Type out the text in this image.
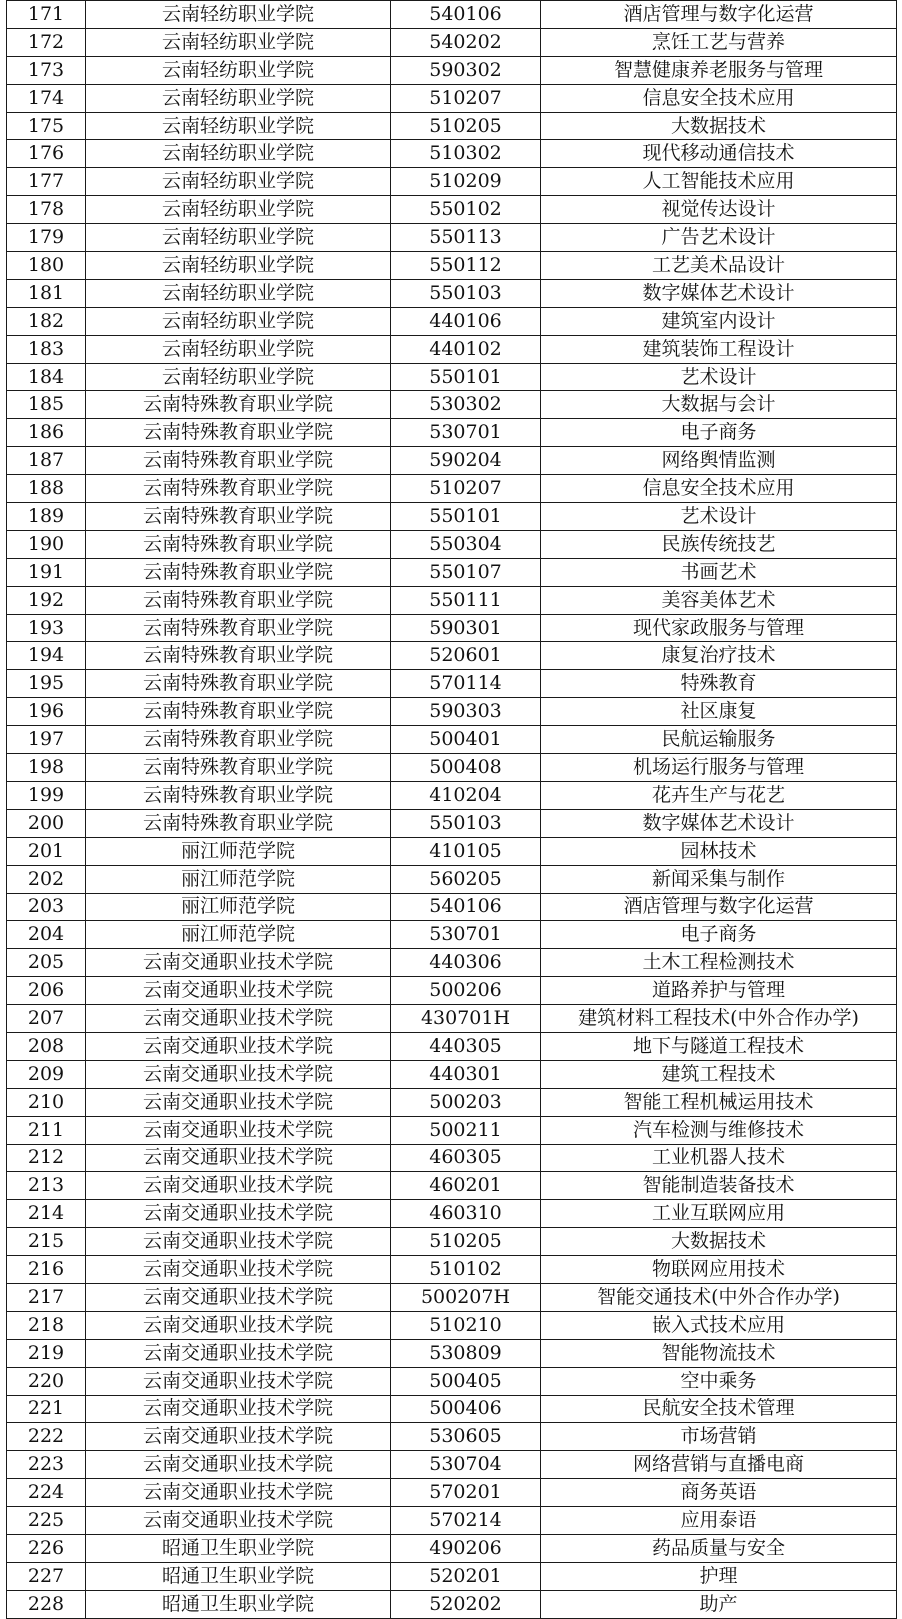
171	云南轻纺职业学院	540106	酒店管理与数字化运营
172	云南轻纺职业学院	540202	烹饪工艺与营养
173	云南轻纺职业学院	590302	智慧健康养老服务与管理
174	云南轻纺职业学院	510207	信息安全技术应用
175	云南轻纺职业学院	510205	大数据技术
176	云南轻纺职业学院	510302	现代移动通信技术
177	云南轻纺职业学院	510209	人工智能技术应用
178	云南轻纺职业学院	550102	视觉传达设计
179	云南轻纺职业学院	550113	广告艺术设计
180	云南轻纺职业学院	550112	工艺美术品设计
181	云南轻纺职业学院	550103	数字媒体艺术设计
182	云南轻纺职业学院	440106	建筑室内设计
183	云南轻纺职业学院	440102	建筑装饰工程设计
184	云南轻纺职业学院	550101	艺术设计
185	云南特殊教育职业学院	530302	大数据与会计
186	云南特殊教育职业学院	530701	电子商务
187	云南特殊教育职业学院	590204	网络舆情监测
188	云南特殊教育职业学院	510207	信息安全技术应用
189	云南特殊教育职业学院	550101	艺术设计
190	云南特殊教育职业学院	550304	民族传统技艺
191	云南特殊教育职业学院	550107	书画艺术
192	云南特殊教育职业学院	550111	美容美体艺术
193	云南特殊教育职业学院	590301	现代家政服务与管理
194	云南特殊教育职业学院	520601	康复治疗技术
195	云南特殊教育职业学院	570114	特殊教育
196	云南特殊教育职业学院	590303	社区康复
197	云南特殊教育职业学院	500401	民航运输服务
198	云南特殊教育职业学院	500408	机场运行服务与管理
199	云南特殊教育职业学院	410204	花卉生产与花艺
200	云南特殊教育职业学院	550103	数字媒体艺术设计
201	丽江师范学院	410105	园林技术
202	丽江师范学院	560205	新闻采集与制作
203	丽江师范学院	540106	酒店管理与数字化运营
204	丽江师范学院	530701	电子商务
205	云南交通职业技术学院	440306	土木工程检测技术
206	云南交通职业技术学院	500206	道路养护与管理
207	云南交通职业技术学院	430701H	建筑材料工程技术(中外合作办学)
208	云南交通职业技术学院	440305	地下与隧道工程技术
209	云南交通职业技术学院	440301	建筑工程技术
210	云南交通职业技术学院	500203	智能工程机械运用技术
211	云南交通职业技术学院	500211	汽车检测与维修技术
212	云南交通职业技术学院	460305	工业机器人技术
213	云南交通职业技术学院	460201	智能制造装备技术
214	云南交通职业技术学院	460310	工业互联网应用
215	云南交通职业技术学院	510205	大数据技术
216	云南交通职业技术学院	510102	物联网应用技术
217	云南交通职业技术学院	500207H	智能交通技术(中外合作办学)
218	云南交通职业技术学院	510210	嵌入式技术应用
219	云南交通职业技术学院	530809	智能物流技术
220	云南交通职业技术学院	500405	空中乘务
221	云南交通职业技术学院	500406	民航安全技术管理
222	云南交通职业技术学院	530605	市场营销
223	云南交通职业技术学院	530704	网络营销与直播电商
224	云南交通职业技术学院	570201	商务英语
225	云南交通职业技术学院	570214	应用泰语
226	昭通卫生职业学院	490206	药品质量与安全
227	昭通卫生职业学院	520201	护理
228	昭通卫生职业学院	520202	助产
